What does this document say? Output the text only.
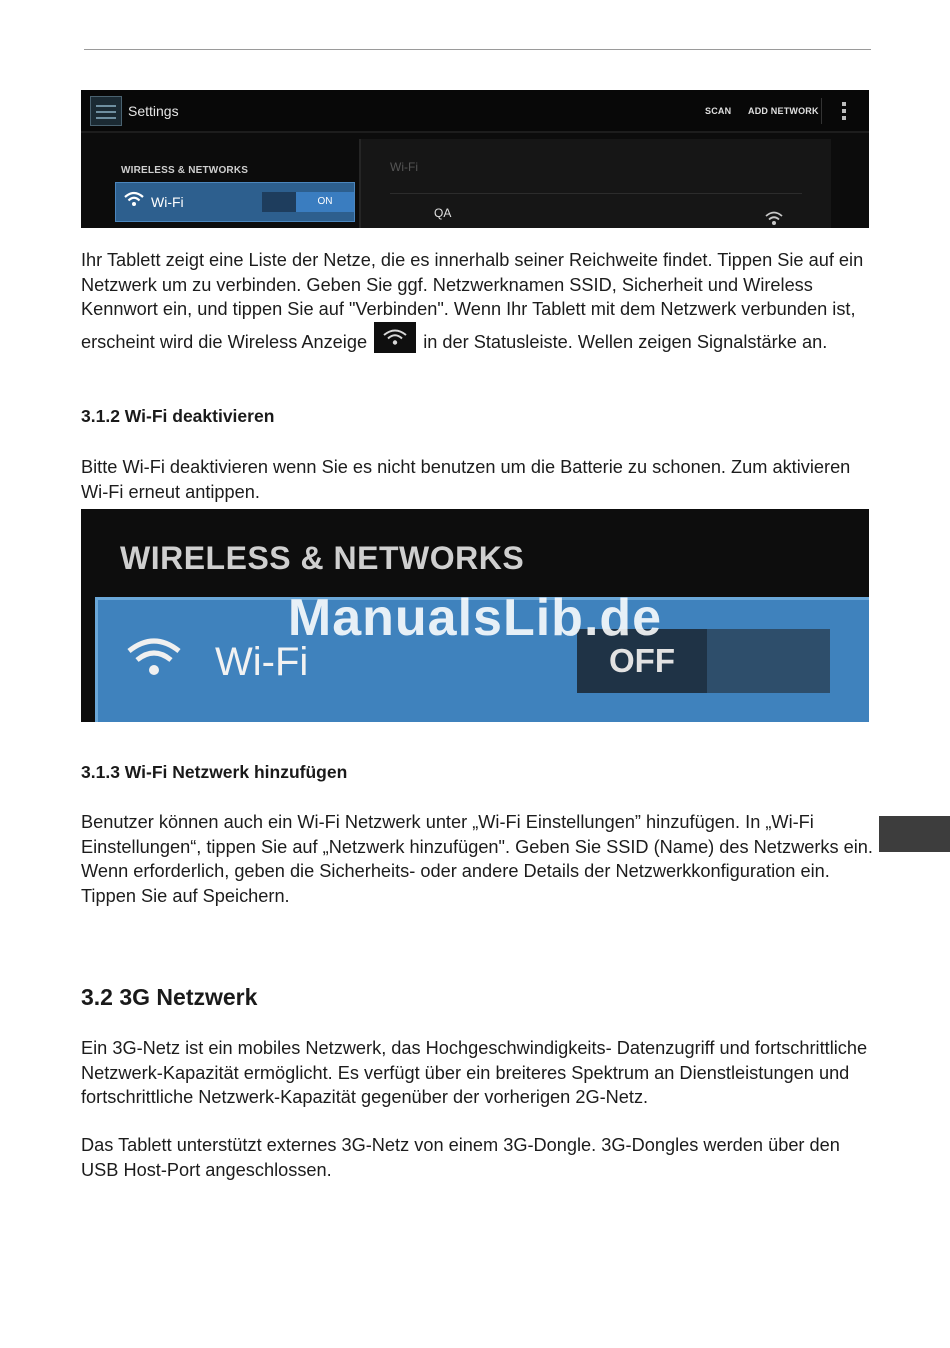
Settings	SCAN ADD NETWORK
WIRELESS & NETWORKS
Wi-Fi	ON
Wi-Fi
QA

Ihr Tablett zeigt eine Liste der Netze, die es innerhalb seiner Reichweite findet. Tippen Sie auf ein Netzwerk um zu verbinden. Geben Sie ggf. Netzwerknamen SSID, Sicherheit und Wireless Kennwort ein, und tippen Sie auf "Verbinden". Wenn Ihr Tablett mit dem Netzwerk verbunden ist, erscheint wird die Wireless Anzeige	in der Statusleiste. Wellen zeigen Signalstärke an.

3.1.2 Wi-Fi deaktivieren

Bitte Wi-Fi deaktivieren wenn Sie es nicht benutzen um die Batterie zu schonen. Zum aktivieren Wi-Fi erneut antippen.

WIRELESS & NETWORKS
Wi-Fi	OFF
ManualsLib.de
3.1.3 Wi-Fi Netzwerk hinzufügen

Benutzer können auch ein Wi-Fi Netzwerk unter „Wi-Fi Einstellungen” hinzufügen. In „Wi-Fi Einstellungen“, tippen Sie auf „Netzwerk hinzufügen". Geben Sie SSID (Name) des Netzwerks ein. Wenn erforderlich, geben die Sicherheits- oder andere Details der Netzwerkkonfiguration ein. Tippen Sie auf Speichern.

3.2 3G Netzwerk

Ein 3G-Netz ist ein mobiles Netzwerk, das Hochgeschwindigkeits- Datenzugriff und fortschrittliche Netzwerk-Kapazität ermöglicht. Es verfügt über ein breiteres Spektrum an Dienstleistungen und fortschrittliche Netzwerk-Kapazität gegenüber der vorherigen 2G-Netz.

Das Tablett unterstützt externes 3G-Netz von einem 3G-Dongle. 3G-Dongles werden über den USB Host-Port angeschlossen.
